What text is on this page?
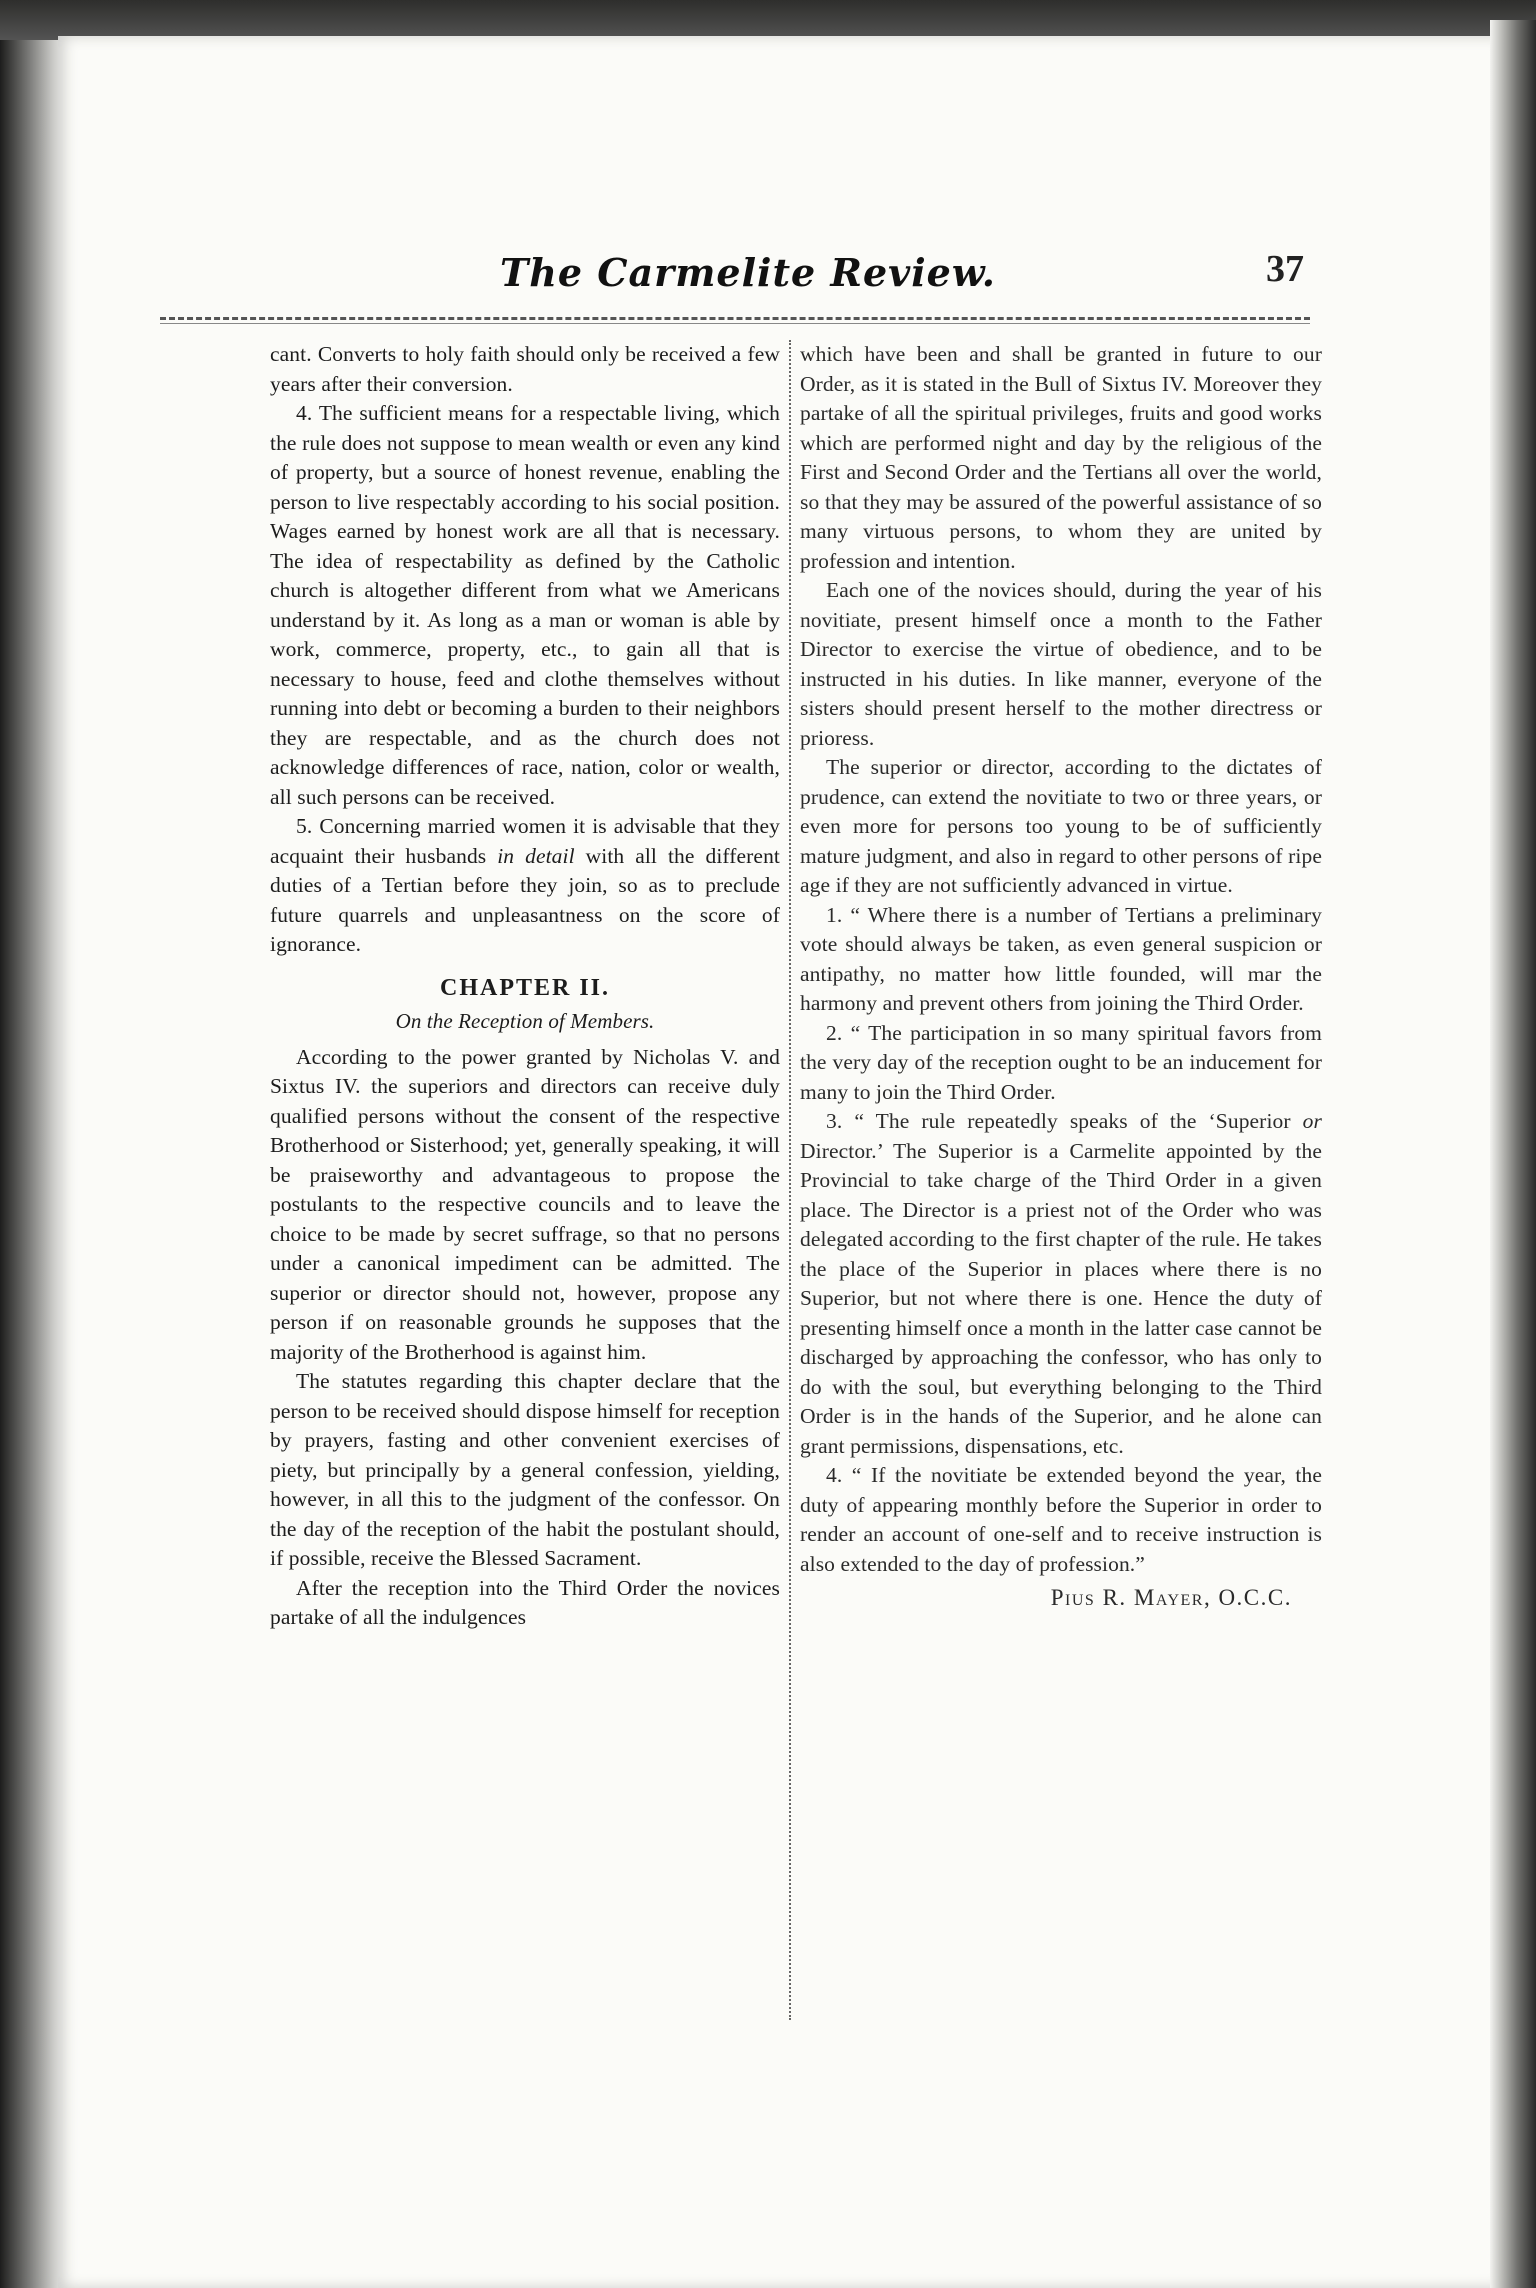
The Carmelite Review.	37

cant. Converts to holy faith should only be received a few years after their conversion.

4. The sufficient means for a respectable living, which the rule does not suppose to mean wealth or even any kind of property, but a source of honest revenue, enabling the person to live respectably according to his social position. Wages earned by honest work are all that is necessary. The idea of respectability as defined by the Catholic church is altogether different from what we Americans understand by it. As long as a man or woman is able by work, commerce, property, etc., to gain all that is necessary to house, feed and clothe themselves without running into debt or becoming a burden to their neighbors they are respectable, and as the church does not acknowledge differences of race, nation, color or wealth, all such persons can be received.

5. Concerning married women it is advisable that they acquaint their husbands in detail with all the different duties of a Tertian before they join, so as to preclude future quarrels and unpleasantness on the score of ignorance.

CHAPTER II.
On the Reception of Members.

According to the power granted by Nicholas V. and Sixtus IV. the superiors and directors can receive duly qualified persons without the consent of the respective Brotherhood or Sisterhood; yet, generally speaking, it will be praiseworthy and advantageous to propose the postulants to the respective councils and to leave the choice to be made by secret suffrage, so that no persons under a canonical impediment can be admitted. The superior or director should not, however, propose any person if on reasonable grounds he supposes that the majority of the Brotherhood is against him.

The statutes regarding this chapter declare that the person to be received should dispose himself for reception by prayers, fasting and other convenient exercises of piety, but principally by a general confession, yielding, however, in all this to the judgment of the confessor. On the day of the reception of the habit the postulant should, if possible, receive the Blessed Sacrament.

After the reception into the Third Order the novices partake of all the indulgences

which have been and shall be granted in future to our Order, as it is stated in the Bull of Sixtus IV. Moreover they partake of all the spiritual privileges, fruits and good works which are performed night and day by the religious of the First and Second Order and the Tertians all over the world, so that they may be assured of the powerful assistance of so many virtuous persons, to whom they are united by profession and intention.

Each one of the novices should, during the year of his novitiate, present himself once a month to the Father Director to exercise the virtue of obedience, and to be instructed in his duties. In like manner, everyone of the sisters should present herself to the mother directress or prioress.

The superior or director, according to the dictates of prudence, can extend the novitiate to two or three years, or even more for persons too young to be of sufficiently mature judgment, and also in regard to other persons of ripe age if they are not sufficiently advanced in virtue.

1. “ Where there is a number of Tertians a preliminary vote should always be taken, as even general suspicion or antipathy, no matter how little founded, will mar the harmony and prevent others from joining the Third Order.

2. “ The participation in so many spiritual favors from the very day of the reception ought to be an inducement for many to join the Third Order.

3. “ The rule repeatedly speaks of the ‘Superior or Director.’ The Superior is a Carmelite appointed by the Provincial to take charge of the Third Order in a given place. The Director is a priest not of the Order who was delegated according to the first chapter of the rule. He takes the place of the Superior in places where there is no Superior, but not where there is one. Hence the duty of presenting himself once a month in the latter case cannot be discharged by approaching the confessor, who has only to do with the soul, but everything belonging to the Third Order is in the hands of the Superior, and he alone can grant permissions, dispensations, etc.

4. “ If the novitiate be extended beyond the year, the duty of appearing monthly before the Superior in order to render an account of one-self and to receive instruction is also extended to the day of profession.”

Pius R. Mayer, O.C.C.
